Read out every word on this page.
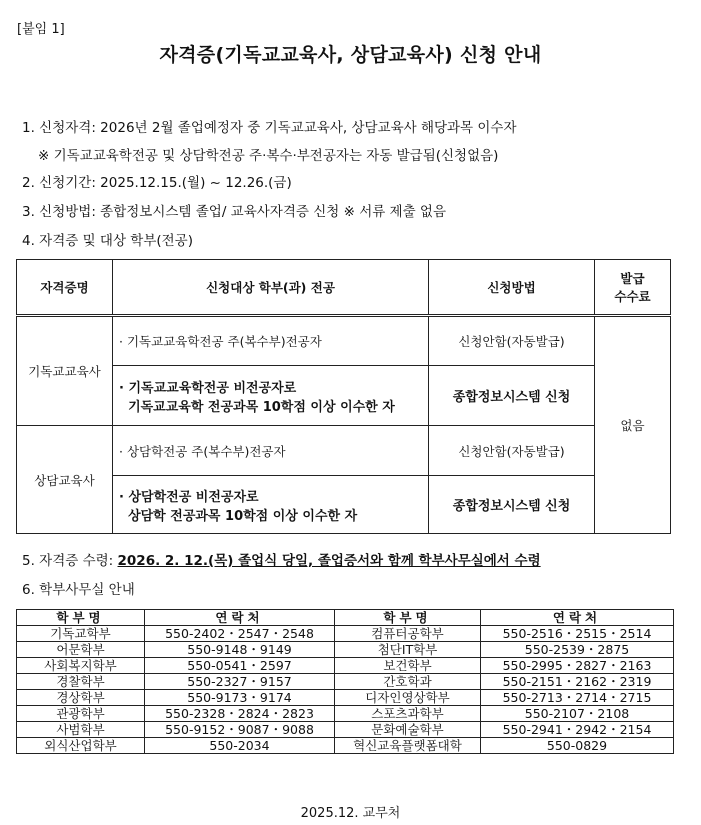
[붙임 1]
자격증(기독교교육사, 상담교육사) 신청 안내
1. 신청자격: 2026년 2월 졸업예정자 중 기독교교육사, 상담교육사 해당과목 이수자
※ 기독교교육학전공 및 상담학전공 주·복수·부전공자는 자동 발급됨(신청없음)
2. 신청기간: 2025.12.15.(월) ~ 12.26.(금)
3. 신청방법: 종합정보시스템 졸업/ 교육사자격증 신청 ※ 서류 제출 없음
4. 자격증 및 대상 학부(전공)
자격증명	신청대상 학부(과) 전공	신청방법	발급
수수료
기독교교육사	· 기독교교육학전공 주(복수부)전공자	신청안함(자동발급)	없음
	· 기독교교육학전공 비전공자로
기독교교육학 전공과목 10학점 이상 이수한 자	종합정보시스템 신청	
상담교육사	· 상담학전공 주(복수부)전공자	신청안함(자동발급)	
	· 상담학전공 비전공자로
상담학 전공과목 10학점 이상 이수한 자	종합정보시스템 신청	
5. 자격증 수령: 2026. 2. 12.(목) 졸업식 당일, 졸업증서와 함께 학부사무실에서 수령
6. 학부사무실 안내
학부명	연락처	학부명	연락처
기독교학부	550-2402・2547・2548	컴퓨터공학부	550-2516・2515・2514
어문학부	550-9148・9149	첨단IT학부	550-2539・2875
사회복지학부	550-0541・2597	보건학부	550-2995・2827・2163
경찰학부	550-2327・9157	간호학과	550-2151・2162・2319
경상학부	550-9173・9174	디자인영상학부	550-2713・2714・2715
관광학부	550-2328・2824・2823	스포츠과학부	550-2107・2108
사범학부	550-9152・9087・9088	문화예술학부	550-2941・2942・2154
외식산업학부	550-2034	혁신교육플랫폼대학	550-0829
2025.12. 교무처
